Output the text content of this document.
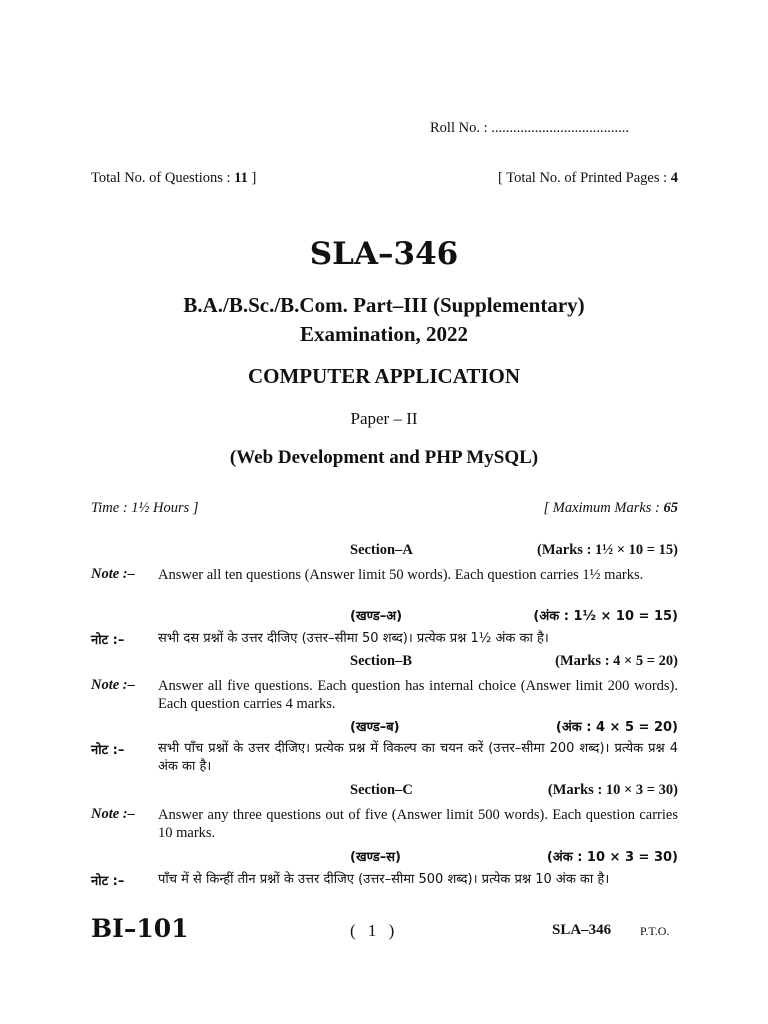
Roll No. : ......................................
Total No. of Questions : 11 ]	[ Total No. of Printed Pages : 4
SLA–346
B.A./B.Sc./B.Com. Part–III (Supplementary)
Examination, 2022
COMPUTER APPLICATION
Paper – II
(Web Development and PHP MySQL)
Time : 1½ Hours ]	[ Maximum Marks : 65
Section–A	(Marks : 1½ × 10 = 15)
Note :– Answer all ten questions (Answer limit 50 words). Each question carries 1½ marks.
(खण्ड–अ)	(अंक : 1½ × 10 = 15)
नोट :–	सभी दस प्रश्नों के उत्तर दीजिए (उत्तर–सीमा 50 शब्द)। प्रत्येक प्रश्न 1½ अंक का है।
Section–B	(Marks : 4 × 5 = 20)
Note :– Answer all five questions. Each question has internal choice (Answer limit 200 words). Each question carries 4 marks.
(खण्ड–ब)	(अंक : 4 × 5 = 20)
नोट :–	सभी पाँच प्रश्नों के उत्तर दीजिए। प्रत्येक प्रश्न में विकल्प का चयन करें (उत्तर–सीमा 200 शब्द)। प्रत्येक प्रश्न 4 अंक का है।
Section–C	(Marks : 10 × 3 = 30)
Note :– Answer any three questions out of five (Answer limit 500 words). Each question carries 10 marks.
(खण्ड–स)	(अंक : 10 × 3 = 30)
नोट :–	पाँच में से किन्हीं तीन प्रश्नों के उत्तर दीजिए (उत्तर–सीमा 500 शब्द)। प्रत्येक प्रश्न 10 अंक का है।
BI–101	( 1 )	SLA–346 P.T.O.
